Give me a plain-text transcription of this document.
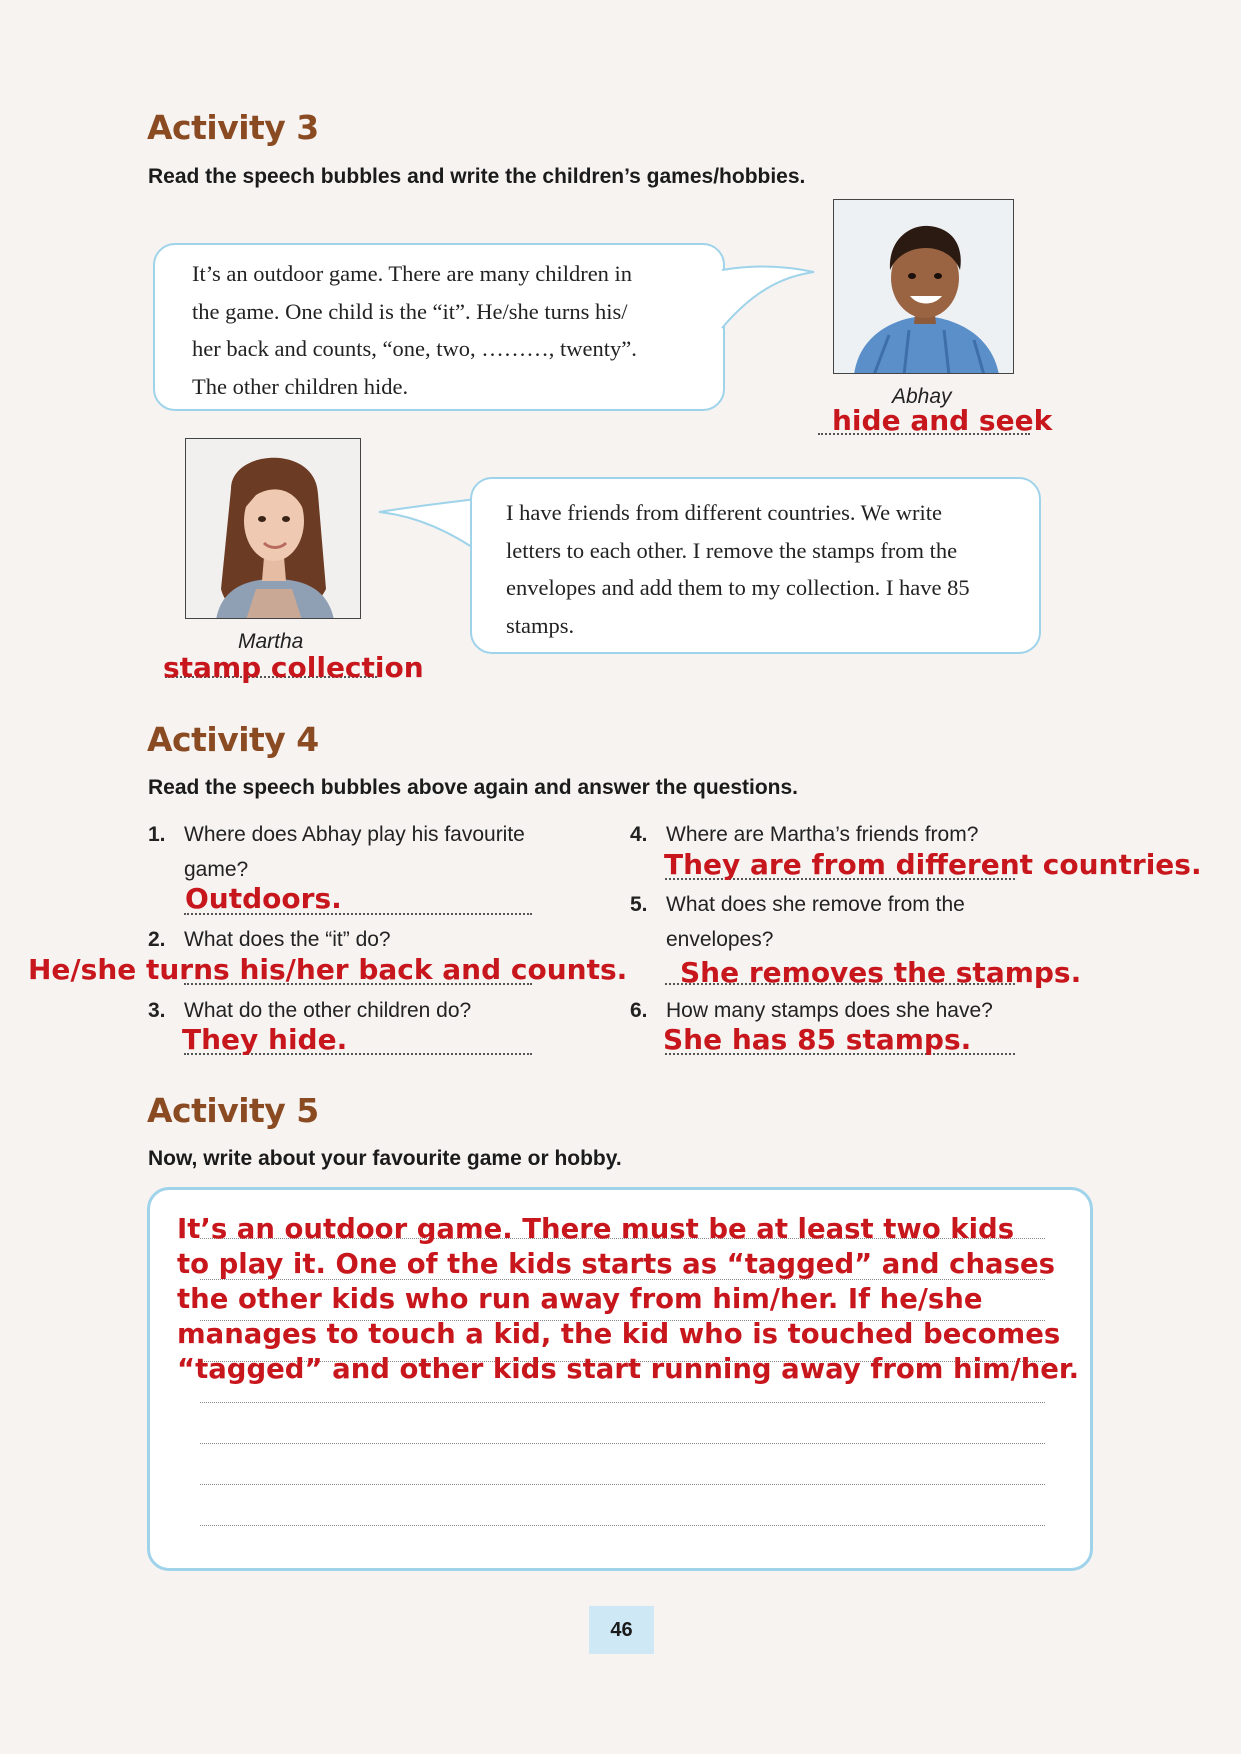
Activity 3
Read the speech bubbles and write the children’s games/hobbies.
It’s an outdoor game. There are many children in
the game. One child is the “it”. He/she turns his/
her back and counts, “one, two, ………, twenty”.
The other children hide.	Abhay
hide and seek
Martha
stamp collection
I have friends from different countries. We write
letters to each other. I remove the stamps from the
envelopes and add them to my collection. I have 85
stamps.
Activity 4
Read the speech bubbles above again and answer the questions.
1. Where does Abhay play his favourite
game?
Outdoors.
2. What does the “it” do?
He/she turns his/her back and counts.
3. What do the other children do?
They hide.
4. Where are Martha’s friends from?
They are from different countries.
5. What does she remove from the
envelopes?
She removes the stamps.
6. How many stamps does she have?
She has 85 stamps.
Activity 5
Now, write about your favourite game or hobby.
It’s an outdoor game. There must be at least two kids
to play it. One of the kids starts as “tagged” and chases
the other kids who run away from him/her. If he/she
manages to touch a kid, the kid who is touched becomes
“tagged” and other kids start running away from him/her.
46
